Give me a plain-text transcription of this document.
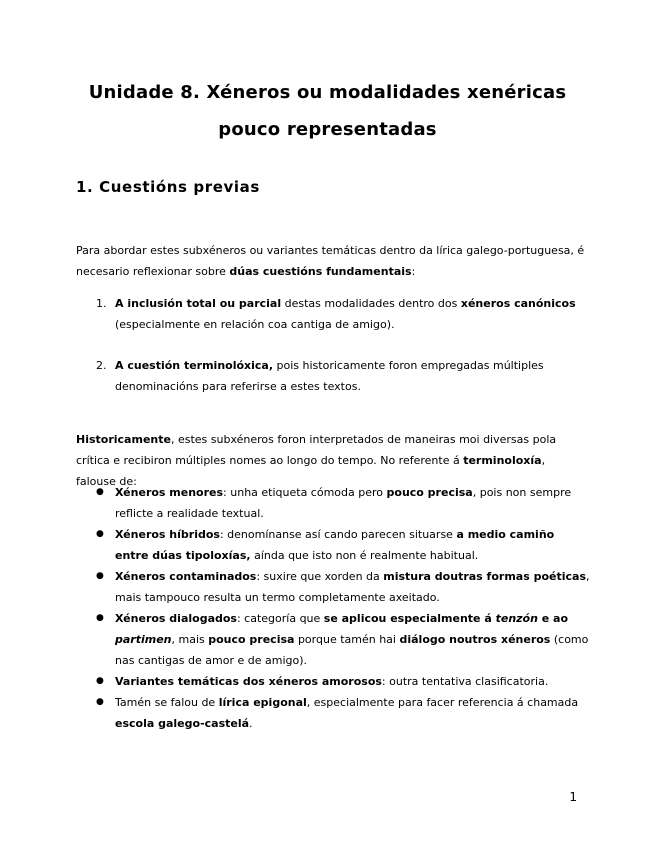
Unidade 8. Xéneros ou modalidades xenéricas pouco representadas
1. Cuestións previas

Para abordar estes subxéneros ou variantes temáticas dentro da lírica galego-portuguesa, é necesario reflexionar sobre dúas cuestións fundamentais:

1. A inclusión total ou parcial destas modalidades dentro dos xéneros canónicos (especialmente en relación coa cantiga de amigo).
2. A cuestión terminolóxica, pois historicamente foron empregadas múltiples denominacións para referirse a estes textos.

Historicamente, estes subxéneros foron interpretados de maneiras moi diversas pola crítica e recibiron múltiples nomes ao longo do tempo. No referente á terminoloxía, falouse de:

● Xéneros menores: unha etiqueta cómoda pero pouco precisa, pois non sempre reflicte a realidade textual.
● Xéneros híbridos: denomínanse así cando parecen situarse a medio camiño entre dúas tipoloxías, aínda que isto non é realmente habitual.
● Xéneros contaminados: suxire que xorden da mistura doutras formas poéticas, mais tampouco resulta un termo completamente axeitado.
● Xéneros dialogados: categoría que se aplicou especialmente á tenzón e ao partimen, mais pouco precisa porque tamén hai diálogo noutros xéneros (como nas cantigas de amor e de amigo).
● Variantes temáticas dos xéneros amorosos: outra tentativa clasificatoria.
● Tamén se falou de lírica epigonal, especialmente para facer referencia á chamada escola galego-castelá.
1
